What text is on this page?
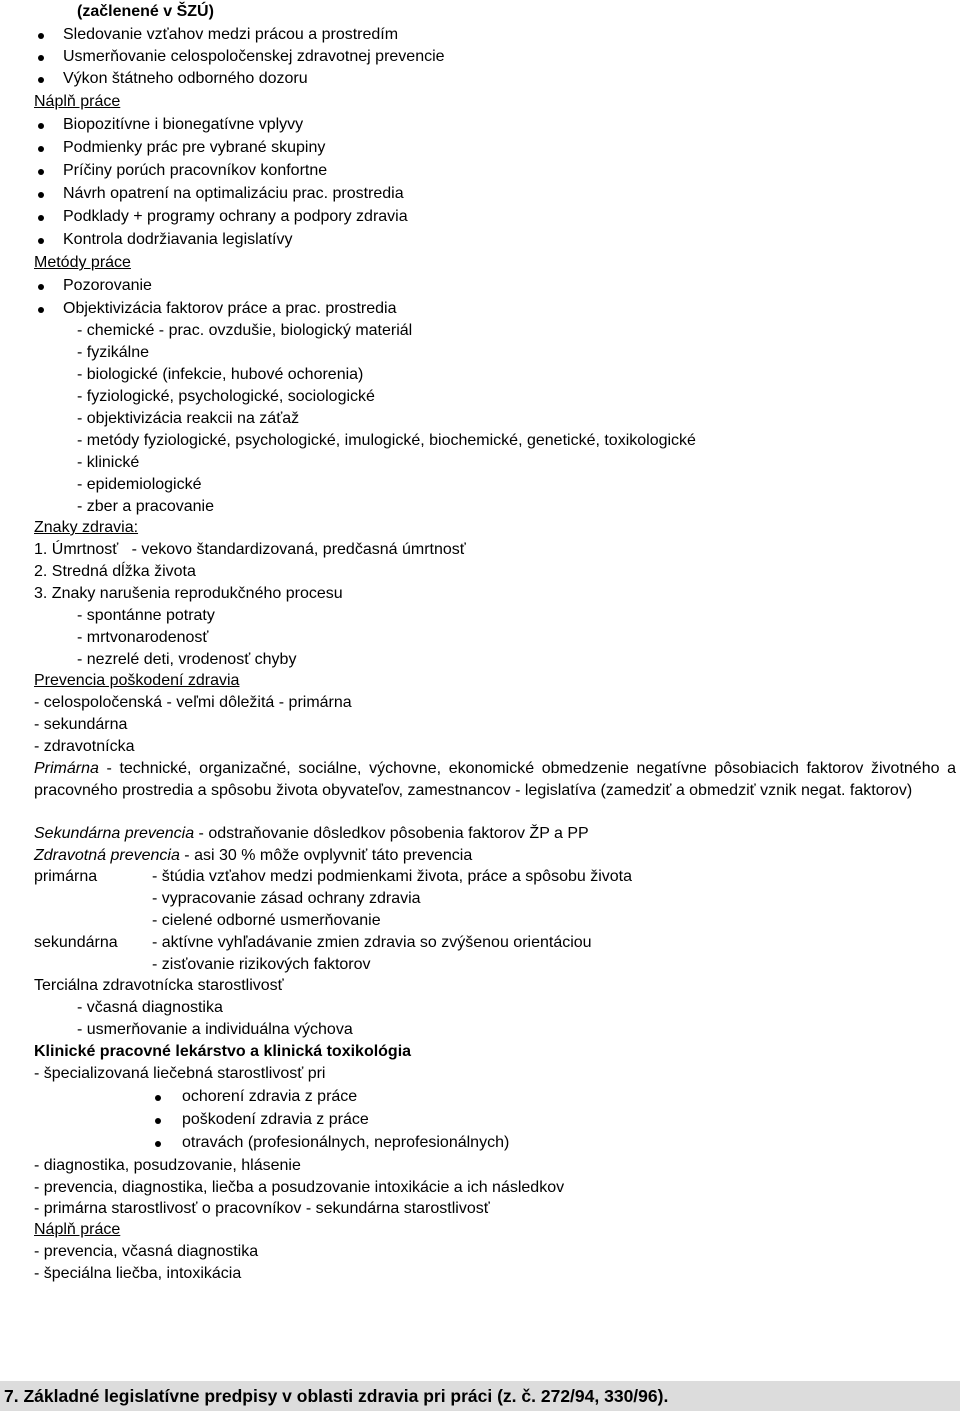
(začlenené v ŠZÚ)
Sledovanie vzťahov medzi prácou a prostredím
Usmerňovanie celospoločenskej zdravotnej prevencie
Výkon štátneho odborného dozoru
Náplň práce
Biopozitívne i bionegatívne vplyvy
Podmienky prác pre vybrané skupiny
Príčiny porúch pracovníkov konfortne
Návrh opatrení na optimalizáciu prac. prostredia
Podklady + programy ochrany a podpory zdravia
Kontrola dodržiavania legislatívy
Metódy práce
Pozorovanie
Objektivizácia faktorov práce a prac. prostredia
- chemické - prac. ovzdušie, biologický materiál
- fyzikálne
- biologické (infekcie, hubové ochorenia)
- fyziologické, psychologické, sociologické
- objektivizácia reakcii na záťaž
- metódy fyziologické, psychologické, imulogické, biochemické, genetické, toxikologické
- klinické
- epidemiologické
- zber a pracovanie
Znaky zdravia:
1. Úmrtnosť   - vekovo štandardizovaná, predčasná úmrtnosť
2. Stredná dĺžka života
3. Znaky narušenia reprodukčného procesu
- spontánne potraty
- mrtvonarodenosť
- nezrelé deti, vrodenosť chyby
Prevencia poškodení zdravia
- celospoločenská - veľmi dôležitá - primárna
- sekundárna
- zdravotnícka
Primárna - technické, organizačné, sociálne, výchovne, ekonomické obmedzenie negatívne pôsobiacich faktorov životného a pracovného prostredia a spôsobu života obyvateľov, zamestnancov - legislatíva (zamedziť a obmedziť vznik negat. faktorov)
Sekundárna prevencia - odstraňovanie dôsledkov pôsobenia faktorov ŽP a PP
Zdravotná prevencia - asi 30 % môže ovplyvniť táto prevencia
primárna	- štúdia vzťahov medzi podmienkami života, práce a spôsobu života
- vypracovanie zásad ochrany zdravia
- cielené odborné usmerňovanie
sekundárna - aktívne vyhľadávanie zmien zdravia so zvýšenou orientáciou
- zisťovanie rizikových faktorov
Terciálna zdravotnícka starostlivosť
- včasná diagnostika
- usmerňovanie a individuálna výchova
Klinické pracovné lekárstvo a klinická toxikológia
- špecializovaná liečebná starostlivosť pri
ochorení zdravia z práce
poškodení zdravia z práce
otravách (profesionálnych, neprofesionálnych)
- diagnostika, posudzovanie, hlásenie
- prevencia, diagnostika, liečba a posudzovanie intoxikácie a ich následkov
- primárna starostlivosť o pracovníkov - sekundárna starostlivosť
Náplň práce
- prevencia, včasná diagnostika
- špeciálna liečba, intoxikácia
7. Základné legislatívne predpisy v oblasti zdravia pri práci (z. č. 272/94, 330/96).
